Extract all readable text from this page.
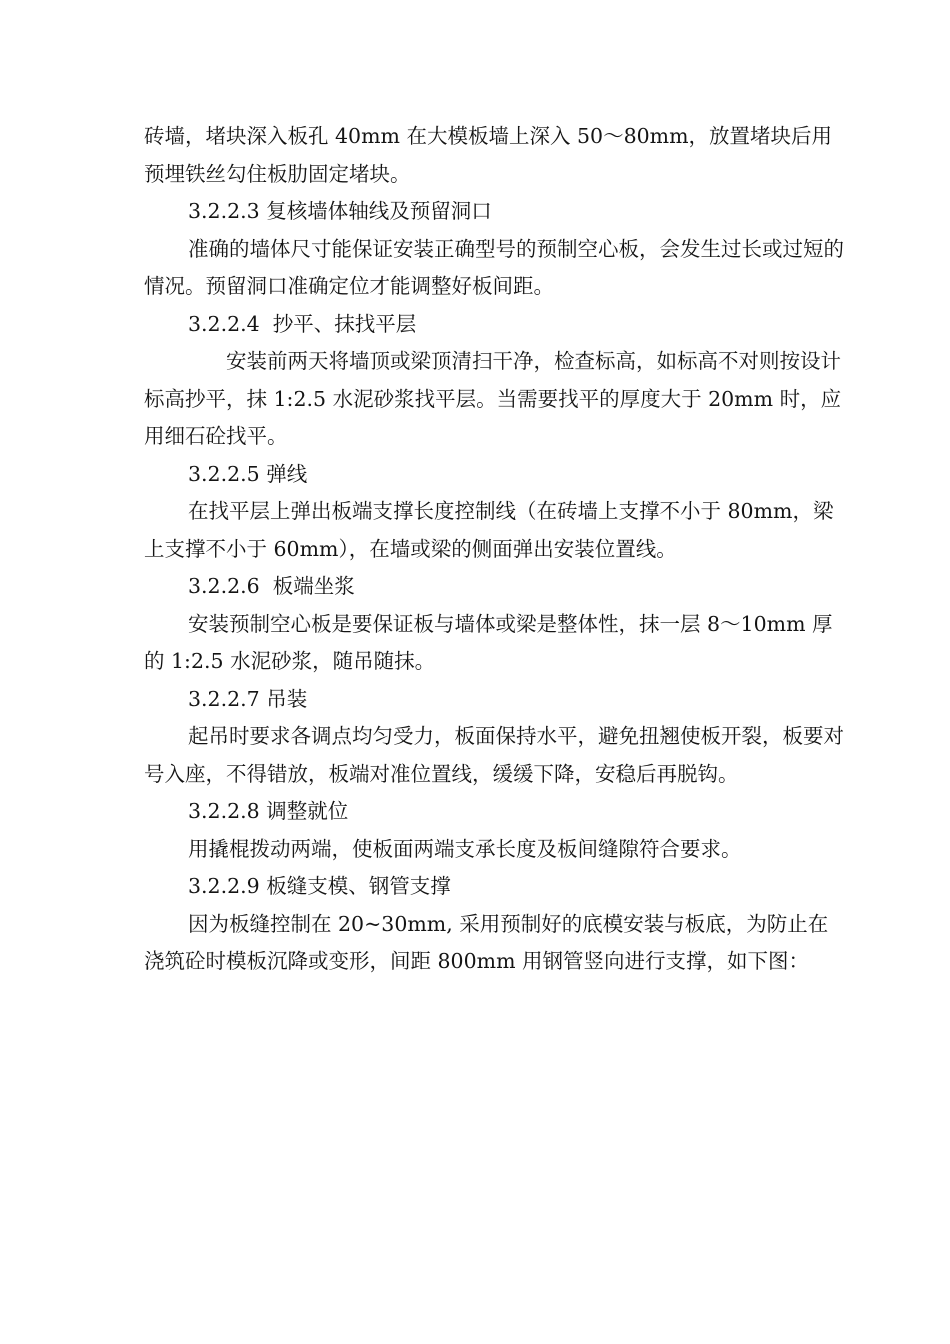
砖墙，堵块深入板孔 40mm 在大模板墙上深入 50～80mm，放置堵块后用预埋铁丝勾住板肋固定堵块。

3.2.2.3 复核墙体轴线及预留洞口

准确的墙体尺寸能保证安装正确型号的预制空心板，会发生过长或过短的情况。预留洞口准确定位才能调整好板间距。

3.2.2.4  抄平、抹找平层

安装前两天将墙顶或梁顶清扫干净，检查标高，如标高不对则按设计标高抄平，抹 1:2.5 水泥砂浆找平层。当需要找平的厚度大于 20mm 时，应用细石砼找平。

3.2.2.5 弹线

在找平层上弹出板端支撑长度控制线（在砖墙上支撑不小于 80mm，梁上支撑不小于 60mm），在墙或梁的侧面弹出安装位置线。

3.2.2.6  板端坐浆

安装预制空心板是要保证板与墙体或梁是整体性，抹一层 8～10mm 厚的 1:2.5 水泥砂浆，随吊随抹。

3.2.2.7 吊装

起吊时要求各调点均匀受力，板面保持水平，避免扭翘使板开裂，板要对号入座，不得错放，板端对准位置线，缓缓下降，安稳后再脱钩。

3.2.2.8 调整就位

用撬棍拨动两端，使板面两端支承长度及板间缝隙符合要求。

3.2.2.9 板缝支模、钢管支撑

因为板缝控制在 20~30mm, 采用预制好的底模安装与板底，为防止在浇筑砼时模板沉降或变形，间距 800mm 用钢管竖向进行支撑，如下图：
